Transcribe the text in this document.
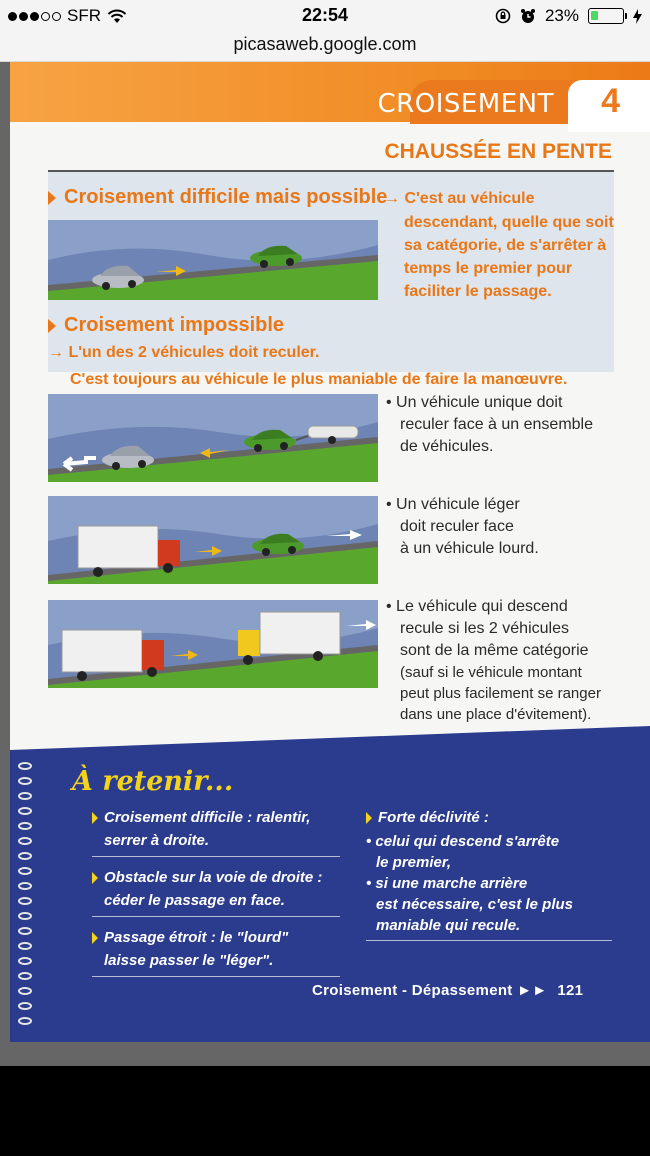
SFR	22:54	23%
picasaweb.google.com
CROISEMENT 4
CHAUSSÉE EN PENTE
Croisement difficile mais possible
→ C'est au véhicule
descendant, quelle que soit
sa catégorie, de s'arrêter à
temps le premier pour
faciliter le passage.
Croisement impossible
→ L'un des 2 véhicules doit reculer.
C'est toujours au véhicule le plus maniable de faire la manœuvre.
• Un véhicule unique doit
reculer face à un ensemble
de véhicules.
• Un véhicule léger
doit reculer face
à un véhicule lourd.
• Le véhicule qui descend
recule si les 2 véhicules
sont de la même catégorie
(sauf si le véhicule montant
peut plus facilement se ranger
dans une place d'évitement).
À retenir...
Croisement difficile : ralentir,
serrer à droite.
Obstacle sur la voie de droite :
céder le passage en face.
Passage étroit : le "lourd"
laisse passer le "léger".
Forte déclivité :
• celui qui descend s'arrête
le premier,
• si une marche arrière
est nécessaire, c'est le plus
maniable qui recule.
Croisement - Dépassement ►► 121
